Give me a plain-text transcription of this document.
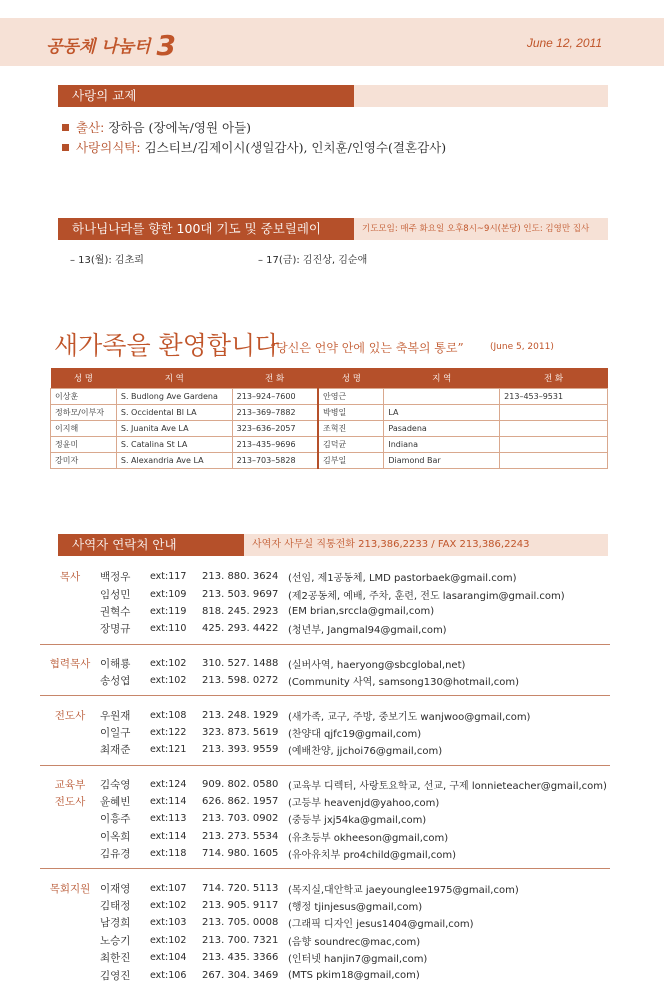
공동체 나눔터 3	June 12, 2011
사랑의 교제
출산: 장하음 (장에녹/영원 아들)
사랑의식탁: 김스티브/김제이시(생일감사), 인치훈/인영수(결혼감사)
하나님나라를 향한 100대 기도 및 중보릴레이	기도모임: 매주 화요일 오후8시~9시(본당) 인도: 김영만 집사
– 13(월): 김초뢰	– 17(금): 김진상, 김순애
새가족을 환영합니다
“당신은 언약 안에 있는 축복의 통로”	(June 5, 2011)
성 명	지 역	전 화	성 명	지 역	전 화
이상훈	S. Budlong Ave Gardena	213–924–7600	안영근		213–453–9531
정하모/이부자	S. Occidental Bl LA	213–369–7882	박병일	LA	
이지해	S. Juanita Ave LA	323–636–2057	조혁진	Pasadena	
정윤미	S. Catalina St LA	213–435–9696	김덕균	Indiana	
강미자	S. Alexandria Ave LA	213–703–5828	김부일	Diamond Bar	
사역자 연락처 안내	사역자 사무실 직통전화 213,386,2233 / FAX 213,386,2243
목사	백정우	ext:117	213. 880. 3624 (선임, 제1공동체, LMD pastorbaek@gmail.com)
임성민	ext:109	213. 503. 9697 (제2공동체, 예배, 주차, 훈련, 전도 lasarangim@gmail.com)
권혁수	ext:119	818. 245. 2923 (EM brian,srccla@gmail,com)
장명규	ext:110	425. 293. 4422 (청년부, Jangmal94@gmail,com)
협력목사 이해룡	ext:102	310. 527. 1488 (실버사역, haeryong@sbcglobal,net)
송성엽	ext:102	213. 598. 0272 (Community 사역, samsong130@hotmail,com)
전도사	우원재	ext:108	213. 248. 1929 (새가족, 교구, 주방, 중보기도 wanjwoo@gmail,com)
이일구	ext:122	323. 873. 5619 (찬양대 qjfc19@gmail,com)
최재준	ext:121	213. 393. 9559 (예배찬양, jjchoi76@gmail,com)
교육부	김숙영	ext:124	909. 802. 0580 (교육부 디렉터, 사랑토요학교, 선교, 구제 lonnieteacher@gmail,com)
전도사	윤혜빈	ext:114	626. 862. 1957 (고등부 heavenjd@yahoo,com)
이흥주	ext:113	213. 703. 0902 (중등부 jxj54ka@gmail,com)
이옥희	ext:114	213. 273. 5534 (유초등부 okheeson@gmail,com)
김유경	ext:118	714. 980. 1605 (유아유치부 pro4child@gmail,com)
목회지원 이재영	ext:107	714. 720. 5113 (목지실,대안학교 jaeyounglee1975@gmail,com)
김태정	ext:102	213. 905. 9117 (행정 tjinjesus@gmail,com)
남경희	ext:103	213. 705. 0008 (그래픽 디자인 jesus1404@gmail,com)
노승기	ext:102	213. 700. 7321 (음향 soundrec@mac,com)
최한진	ext:104	213. 435. 3366 (인터넷 hanjin7@gmail,com)
김영진	ext:106	267. 304. 3469 (MTS pkim18@gmail,com)
